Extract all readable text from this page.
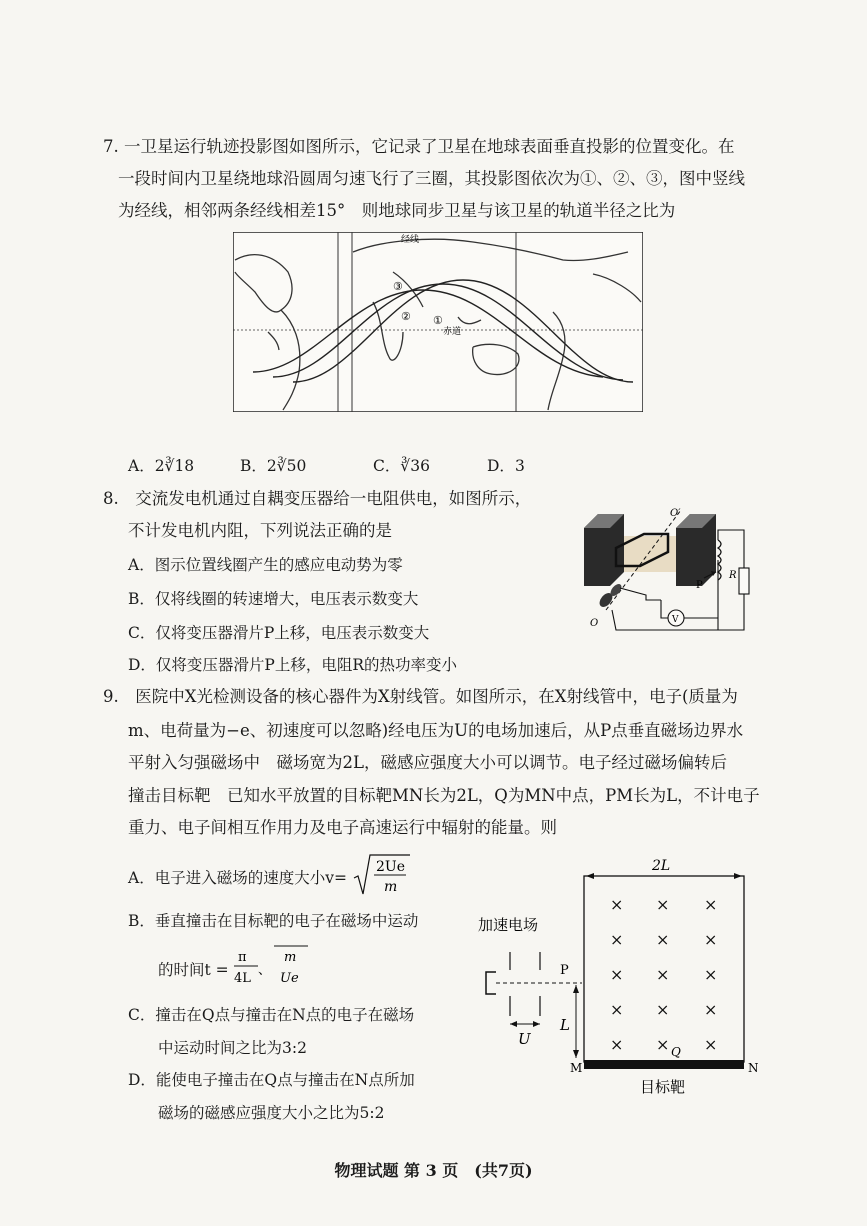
7. 一卫星运行轨迹投影图如图所示，它记录了卫星在地球表面垂直投影的位置变化。在
一段时间内卫星绕地球沿圆周匀速飞行了三圈，其投影图依次为①、②、③，图中竖线
为经线，相邻两条经线相差15°　则地球同步卫星与该卫星的轨道半径之比为
经线
赤道
①
②
③
A．2∛18	B．2∛50	C．∛36	D．3
8.　交流发电机通过自耦变压器给一电阻供电，如图所示，
不计发电机内阻，下列说法正确的是
A．图示位置线圈产生的感应电动势为零
B．仅将线圈的转速增大，电压表示数变大
C．仅将变压器滑片P上移，电压表示数变大
D．仅将变压器滑片P上移，电阻R的热功率变小
O′
O
P
R
V
9.　医院中X光检测设备的核心器件为X射线管。如图所示，在X射线管中，电子(质量为
m、电荷量为−e、初速度可以忽略)经电压为U的电场加速后，从P点垂直磁场边界水
平射入匀强磁场中　磁场宽为2L，磁感应强度大小可以调节。电子经过磁场偏转后
撞击目标靶　已知水平放置的目标靶MN长为2L，Q为MN中点，PM长为L，不计电子
重力、电子间相互作用力及电子高速运行中辐射的能量。则
A．电子进入磁场的速度大小v=
2Ue
m
B．垂直撞击在目标靶的电子在磁场中运动
的时间t =
π
4L
、
m
Ue
C．撞击在Q点与撞击在N点的电子在磁场
中运动时间之比为3:2
D．能使电子撞击在Q点与撞击在N点所加
磁场的磁感应强度大小之比为5:2
2L
× × ×
× × ×
× × ×
× × ×
× × ×
M	N
Q
目标靶
加速电场
P
U
L
物理试题 第 3 页　(共7页)
